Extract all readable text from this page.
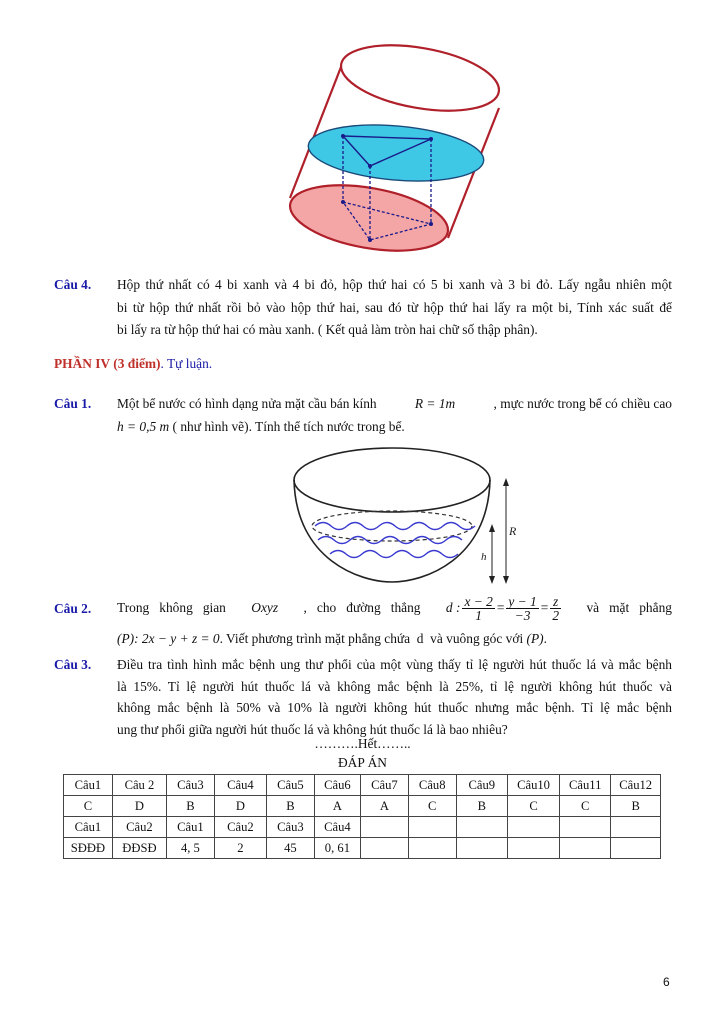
Câu 4. Hộp thứ nhất có 4 bi xanh và 4 bi đỏ, hộp thứ hai có 5 bi xanh và 3 bi đỏ. Lấy ngẫu nhiên một
bi từ hộp thứ nhất rồi bỏ vào hộp thứ hai, sau đó từ hộp thứ hai lấy ra một bi, Tính xác suất để
bi lấy ra từ hộp thứ hai có màu xanh. ( Kết quả làm tròn hai chữ số thập phân).
PHẦN IV (3 điểm). Tự luận.
Câu 1. Một bể nước có hình dạng nửa mặt cầu bán kính	R = 1m	, mực nước trong bể có chiều cao
h = 0,5 m ( như hình vẽ). Tính thể tích nước trong bể.
R
h
Câu 2. Trong   không   gian Oxyz ,   cho   đường   thẳng d : $\frac{x - 2}{1} = \frac{y - 1}{-3} = \frac{z}{2}$ và   mặt   phẳng
(P): 2x − y + z = 0. Viết phương trình mặt phẳng chứa  d  và vuông góc với (P).
Câu 3. Điều tra tình hình mắc bệnh ung thư phổi của một vùng thấy tỉ lệ người hút thuốc lá và mắc bệnh
là 15%. Tỉ lệ người hút thuốc lá và không mắc bệnh là 25%, tỉ lệ người không hút thuốc và
không mắc bệnh là 50% và 10% là người không hút thuốc nhưng mắc bệnh. Tỉ lệ mắc bệnh
ung thư phổi giữa người hút thuốc lá và không hút thuốc lá là bao nhiêu?
……….Hết……..
ĐÁP ÁN
Câu1	Câu 2	Câu3	Câu4	Câu5	Câu6	Câu7	Câu8	Câu9	Câu10	Câu11	Câu12
C	D	B	D	B	A	A	C	B	C	C	B
Câu1	Câu2	Câu1	Câu2	Câu3	Câu4						
SĐĐĐ	ĐĐSĐ	4, 5	2	45	0, 61						
6
